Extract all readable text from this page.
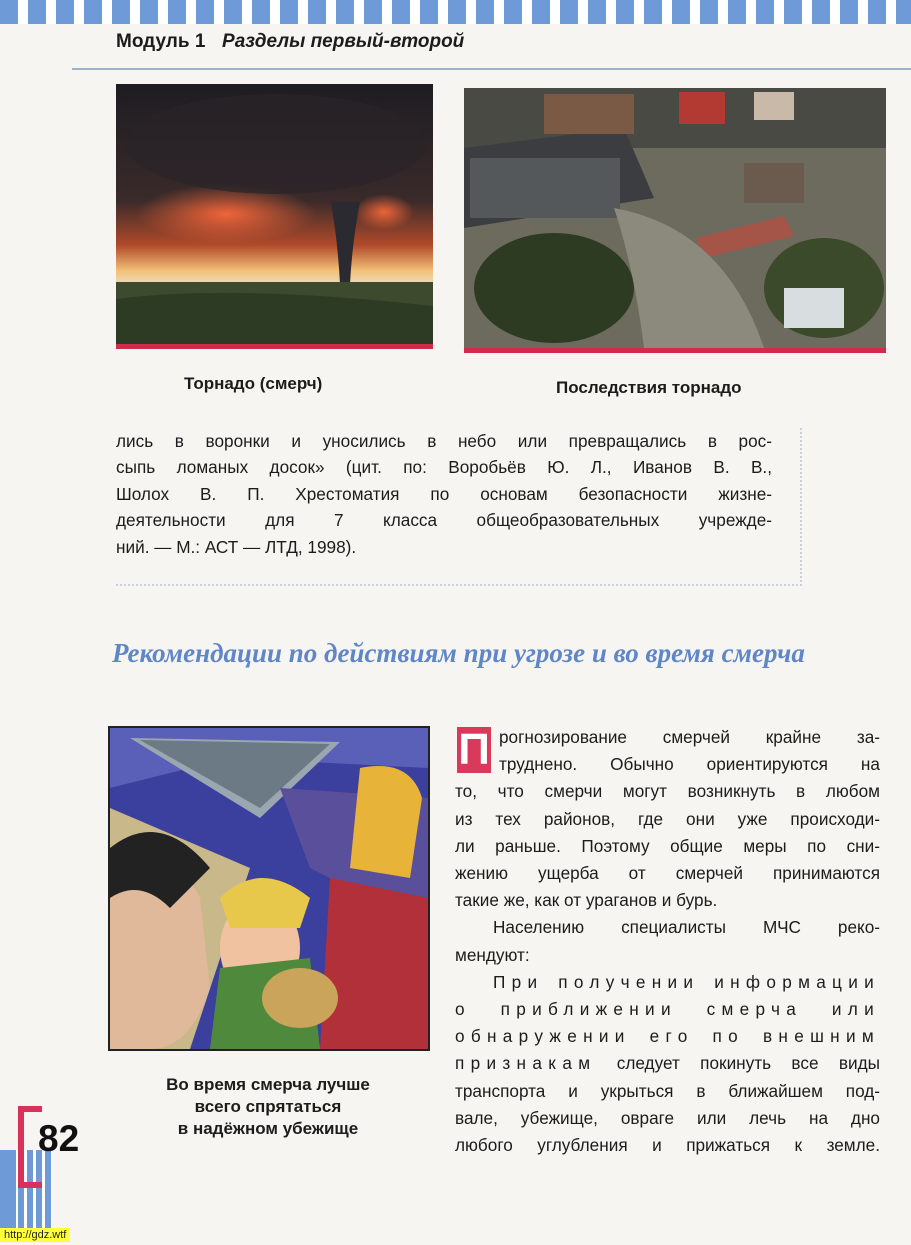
Модуль 1 Разделы первый-второй
Торнадо (смерч)	Последствия торнадо
лись в воронки и уносились в небо или превращались в рос-
сыпь ломаных досок» (цит. по: Воробьёв Ю. Л., Иванов В. В.,
Шолох В. П. Хрестоматия по основам безопасности жизне-
деятельности для 7 класса общеобразовательных учрежде-
ний. — М.: АСТ — ЛТД, 1998).
Рекомендации по действиям при угрозе и во время смерча
Во время смерча лучше
всего спрятаться
в надёжном убежище
П рогнозирование смерчей крайне за-
труднено. Обычно ориентируются на
то, что смерчи могут возникнуть в любом
из тех районов, где они уже происходи-
ли раньше. Поэтому общие меры по сни-
жению ущерба от смерчей принимаются
такие же, как от ураганов и бурь.
Населению специалисты МЧС реко-
мендуют:
При получении информации
о приближении смерча или
обнаружении его по внешним
признакам следует покинуть все виды
транспорта и укрыться в ближайшем под-
вале, убежище, овраге или лечь на дно
любого углубления и прижаться к земле.
82
http://gdz.wtf
